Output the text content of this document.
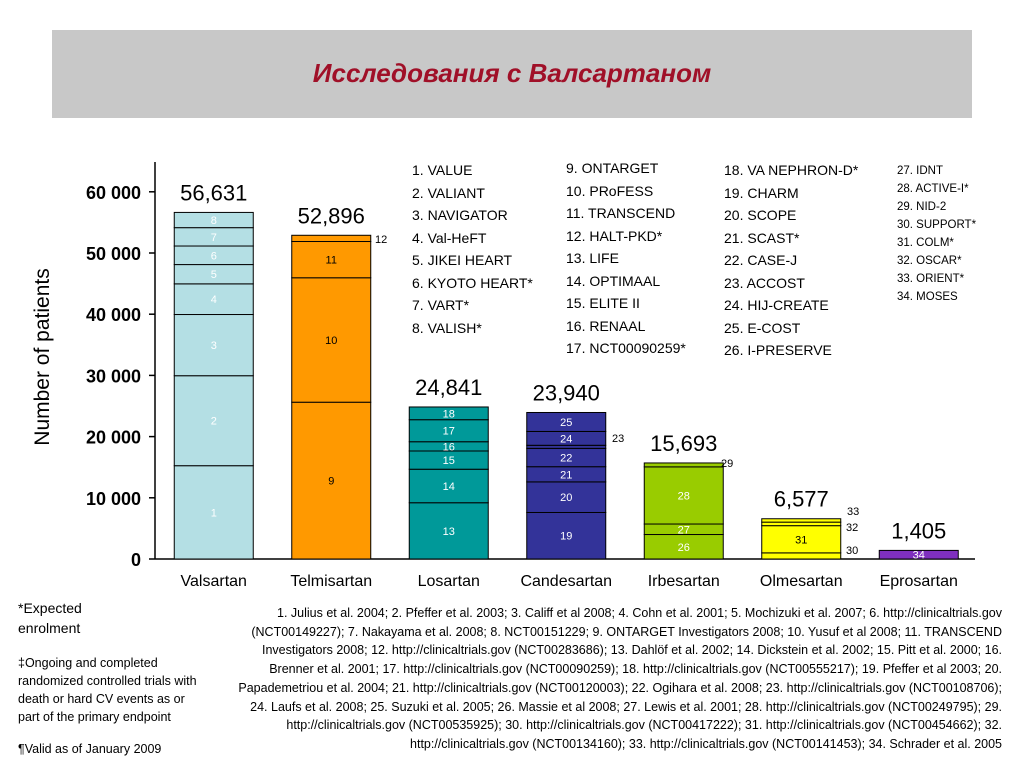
Исследования с Валсартаном
0
10 000
20 000
30 000
40 000
50 000
60 000
Number of patients
1
2
3
4
5
6
7
8
56,631
Valsartan
9
10
11
12
52,896
Telmisartan
13
14
15
16
17
18
24,841
Losartan
19
20
21
22
23
24
25
23,940
Candesartan
26
27
28
29
15,693
Irbesartan
30
31
32
33
6,577
Olmesartan
34
1,405
Eprosartan
1. VALUE
2. VALIANT
3. NAVIGATOR
4. Val-HeFT
5. JIKEI HEART
6. KYOTO HEART*
7. VART*
8. VALISH*
9. ONTARGET
10. PRoFESS
11. TRANSCEND
12. HALT-PKD*
13. LIFE
14. OPTIMAAL
15. ELITE II
16. RENAAL
17. NCT00090259*
18. VA NEPHRON-D*
19. CHARM
20. SCOPE
21. SCAST*
22. CASE-J
23. ACCOST
24. HIJ-CREATE
25. E-COST
26. I-PRESERVE
27. IDNT
28. ACTIVE-I*
29. NID-2
30. SUPPORT*
31. COLM*
32. OSCAR*
33. ORIENT*
34. MOSES
*Expected enrolment
‡Ongoing and completed randomized controlled trials with death or hard CV events as or part of the primary endpoint
¶Valid as of January 2009
1. Julius et al. 2004; 2. Pfeffer et al. 2003; 3. Califf et al 2008; 4. Cohn et al. 2001; 5. Mochizuki et al. 2007; 6. http://clinicaltrials.gov (NCT00149227); 7. Nakayama et al. 2008; 8. NCT00151229; 9. ONTARGET Investigators 2008; 10. Yusuf et al 2008; 11. TRANSCEND Investigators 2008; 12. http://clinicaltrials.gov (NCT00283686); 13. Dahlöf et al. 2002; 14. Dickstein et al. 2002; 15. Pitt et al. 2000; 16. Brenner et al. 2001; 17. http://clinicaltrials.gov (NCT00090259); 18. http://clinicaltrials.gov (NCT00555217); 19. Pfeffer et al 2003; 20. Papademetriou et al. 2004; 21. http://clinicaltrials.gov (NCT00120003); 22. Ogihara et al. 2008; 23. http://clinicaltrials.gov (NCT00108706); 24. Laufs et al. 2008; 25. Suzuki et al. 2005; 26. Massie et al 2008; 27. Lewis et al. 2001; 28. http://clinicaltrials.gov (NCT00249795); 29. http://clinicaltrials.gov (NCT00535925); 30. http://clinicaltrials.gov (NCT00417222); 31. http://clinicaltrials.gov (NCT00454662); 32. http://clinicaltrials.gov (NCT00134160); 33. http://clinicaltrials.gov (NCT00141453); 34. Schrader et al. 2005
